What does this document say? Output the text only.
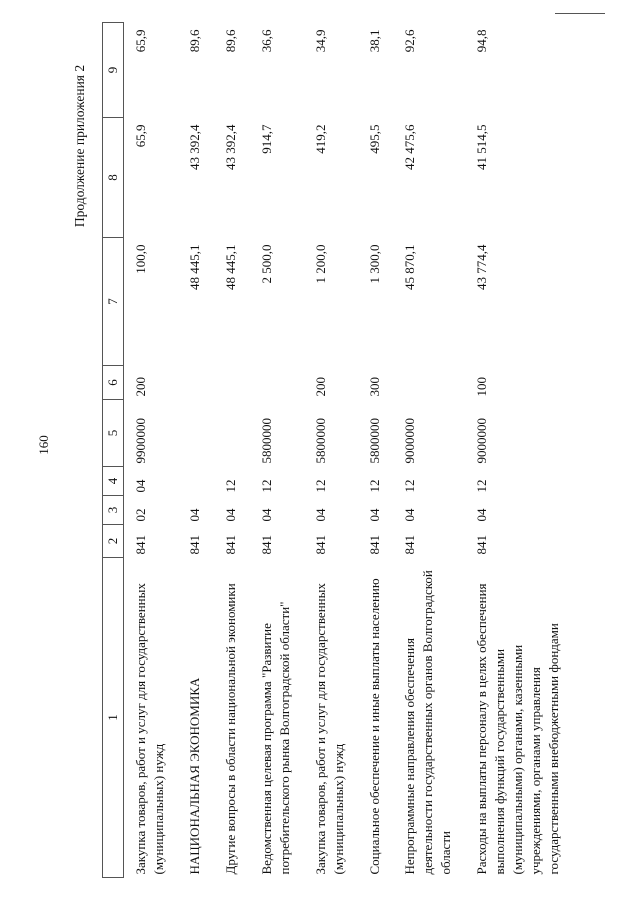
160
Продолжение приложения 2
1	2	3	4	5	6	7	8	9
Закупка товаров, работ и услуг для государственных (муниципальных) нужд	841	02	04	9900000	200	100,0	65,9	65,9
НАЦИОНАЛЬНАЯ ЭКОНОМИКА	841	04				48 445,1	43 392,4	89,6
Другие вопросы в области национальной экономики	841	04	12			48 445,1	43 392,4	89,6
Ведомственная целевая программа "Развитие потребительского рынка Волгоградской области"	841	04	12	5800000		2 500,0	914,7	36,6
Закупка товаров, работ и услуг для государственных (муниципальных) нужд	841	04	12	5800000	200	1 200,0	419,2	34,9
Социальное обеспечение и иные выплаты населению	841	04	12	5800000	300	1 300,0	495,5	38,1
Непрограммные направления обеспечения деятельности государственных органов Волгоградской области	841	04	12	9000000		45 870,1	42 475,6	92,6
Расходы на выплаты персоналу в целях обеспечения выполнения функций государственными (муниципальными) органами, казенными учреждениями, органами управления государственными внебюджетными фондами	841	04	12	9000000	100	43 774,4	41 514,5	94,8
